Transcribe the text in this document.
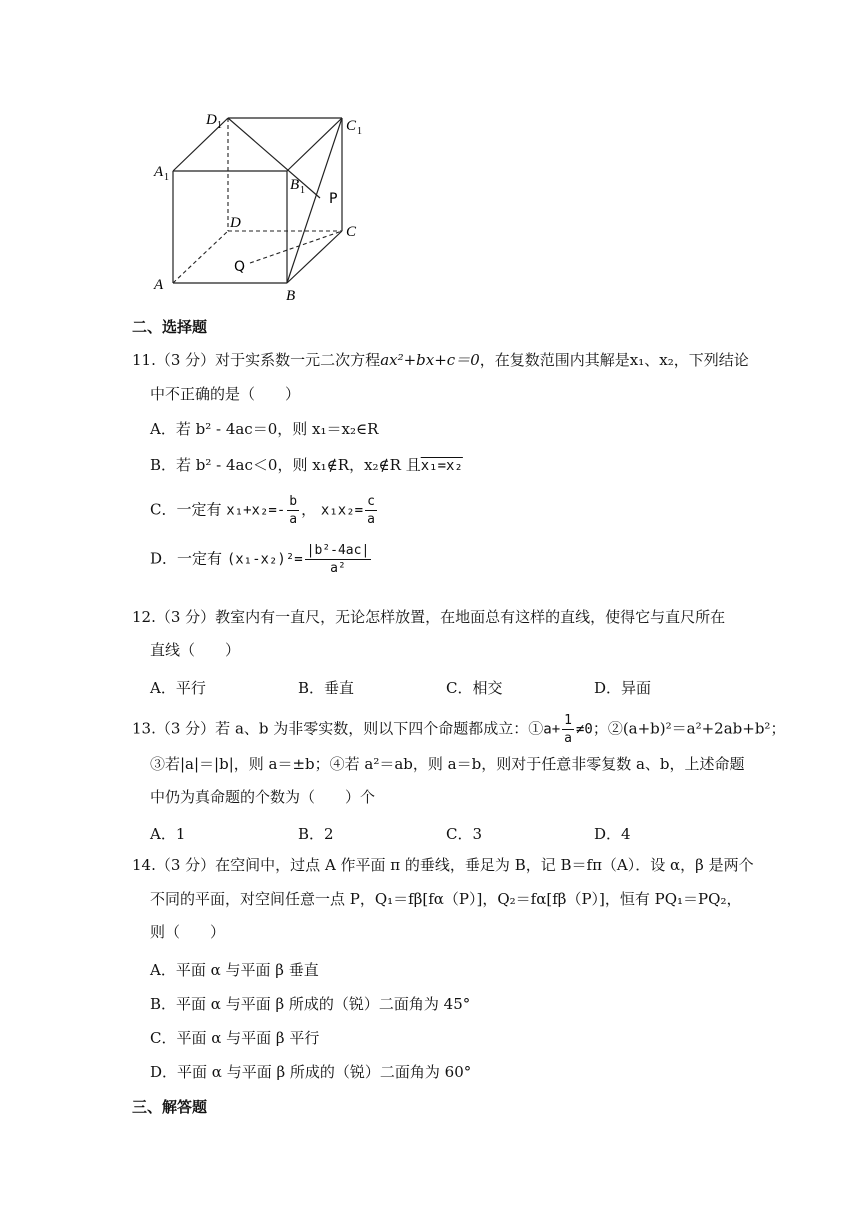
D 1	C 1
A 1	B 1
P
D
C
Q
A
B
二、选择题
11.（3 分）对于实系数一元二次方程ax²+bx+c＝0，在复数范围内其解是x₁、x₂，下列结论
中不正确的是（　　）
A．若 b² - 4ac＝0，则 x₁＝x₂∈R
B．若 b² - 4ac＜0，则 x₁∉R，x₂∉R 且x₁=x₂
C．一定有 $x_1+x_2=- \frac{b}{a}$ ， $x_1x_2= \frac{c}{a}$
D．一定有 $(x_1-x_2)^2= \frac{\text{|b²-4ac|}}{\text{a²}}$
12.（3 分）教室内有一直尺，无论怎样放置，在地面总有这样的直线，使得它与直尺所在
直线（　　）
A．平行	B．垂直	C．相交	D．异面
13.（3 分）若 a、b 为非零实数，则以下四个命题都成立：①a+ $\frac{1}{a} \ne 0$；②(a+b)²＝a²+2ab+b²；
③若|a|＝|b|，则 a＝±b；④若 a²＝ab，则 a＝b，则对于任意非零复数 a、b，上述命题
中仍为真命题的个数为（　　）个
A．1	B．2	C．3	D．4
14.（3 分）在空间中，过点 A 作平面 π 的垂线，垂足为 B，记 B＝fπ（A）．设 α，β 是两个
不同的平面，对空间任意一点 P，Q₁＝fβ[fα（P）]，Q₂＝fα[fβ（P）]，恒有 PQ₁＝PQ₂，
则（　　）
A．平面 α 与平面 β 垂直
B．平面 α 与平面 β 所成的（锐）二面角为 45°
C．平面 α 与平面 β 平行
D．平面 α 与平面 β 所成的（锐）二面角为 60°
三、解答题
